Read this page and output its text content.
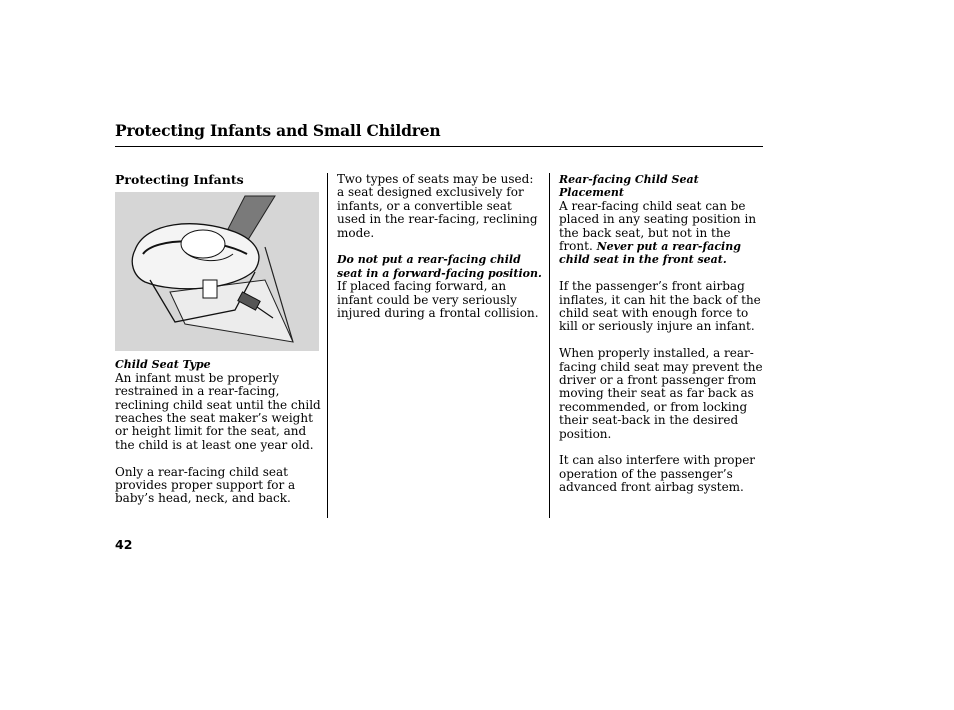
Protecting Infants and Small Children
Protecting Infants
Child Seat Type

An infant must be properly restrained in a rear-facing, reclining child seat until the child reaches the seat maker’s weight or height limit for the seat, and the child is at least one year old.

Only a rear-facing child seat provides proper support for a baby’s head, neck, and back.

Two types of seats may be used: a seat designed exclusively for infants, or a convertible seat used in the rear-facing, reclining mode.

Do not put a rear-facing child seat in a forward-facing position. If placed facing forward, an infant could be very seriously injured during a frontal collision.

Rear-facing Child Seat Placement

A rear-facing child seat can be placed in any seating position in the back seat, but not in the front. Never put a rear-facing child seat in the front seat.

If the passenger’s front airbag inflates, it can hit the back of the child seat with enough force to kill or seriously injure an infant.

When properly installed, a rear-facing child seat may prevent the driver or a front passenger from moving their seat as far back as recommended, or from locking their seat-back in the desired position.

It can also interfere with proper operation of the passenger’s advanced front airbag system.

42
